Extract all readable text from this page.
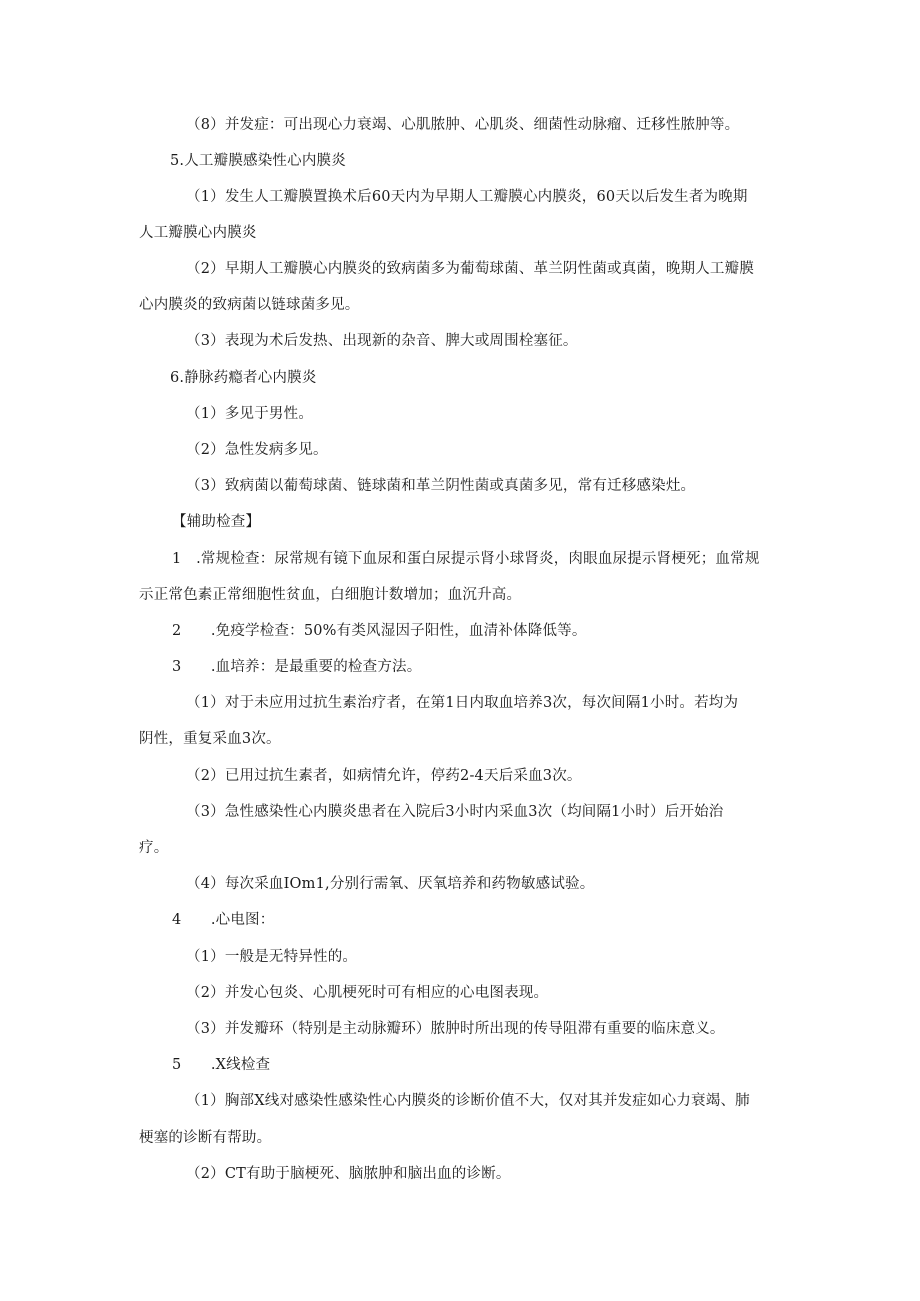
（8）并发症：可出现心力衰竭、心肌脓肿、心肌炎、细菌性动脉瘤、迁移性脓肿等。
5.人工瓣膜感染性心内膜炎
（1）发生人工瓣膜置换术后60天内为早期人工瓣膜心内膜炎，60天以后发生者为晚期
人工瓣膜心内膜炎
（2）早期人工瓣膜心内膜炎的致病菌多为葡萄球菌、革兰阴性菌或真菌，晚期人工瓣膜
心内膜炎的致病菌以链球菌多见。
（3）表现为术后发热、出现新的杂音、脾大或周围栓塞征。
6.静脉药瘾者心内膜炎
（1）多见于男性。
（2）急性发病多见。
（3）致病菌以葡萄球菌、链球菌和革兰阴性菌或真菌多见，常有迁移感染灶。
【辅助检查】
1　.常规检查：尿常规有镜下血尿和蛋白尿提示肾小球肾炎，肉眼血尿提示肾梗死；血常规
示正常色素正常细胞性贫血，白细胞计数增加；血沉升高。
2　　.免疫学检查：50%有类风湿因子阳性，血清补体降低等。
3　　.血培养：是最重要的检查方法。
（1）对于未应用过抗生素治疗者，在第1日内取血培养3次，每次间隔1小时。若均为
阴性，重复采血3次。
（2）已用过抗生素者，如病情允许，停药2-4天后采血3次。
（3）急性感染性心内膜炎患者在入院后3小时内采血3次（均间隔1小时）后开始治
疗。
（4）每次采血IOm1,分别行需氧、厌氧培养和药物敏感试验。
4　　.心电图：
（1）一般是无特异性的。
（2）并发心包炎、心肌梗死时可有相应的心电图表现。
（3）并发瓣环（特别是主动脉瓣环）脓肿时所出现的传导阻滞有重要的临床意义。
5　　.X线检查
（1）胸部X线对感染性感染性心内膜炎的诊断价值不大，仅对其并发症如心力衰竭、肺
梗塞的诊断有帮助。
（2）CT有助于脑梗死、脑脓肿和脑出血的诊断。
